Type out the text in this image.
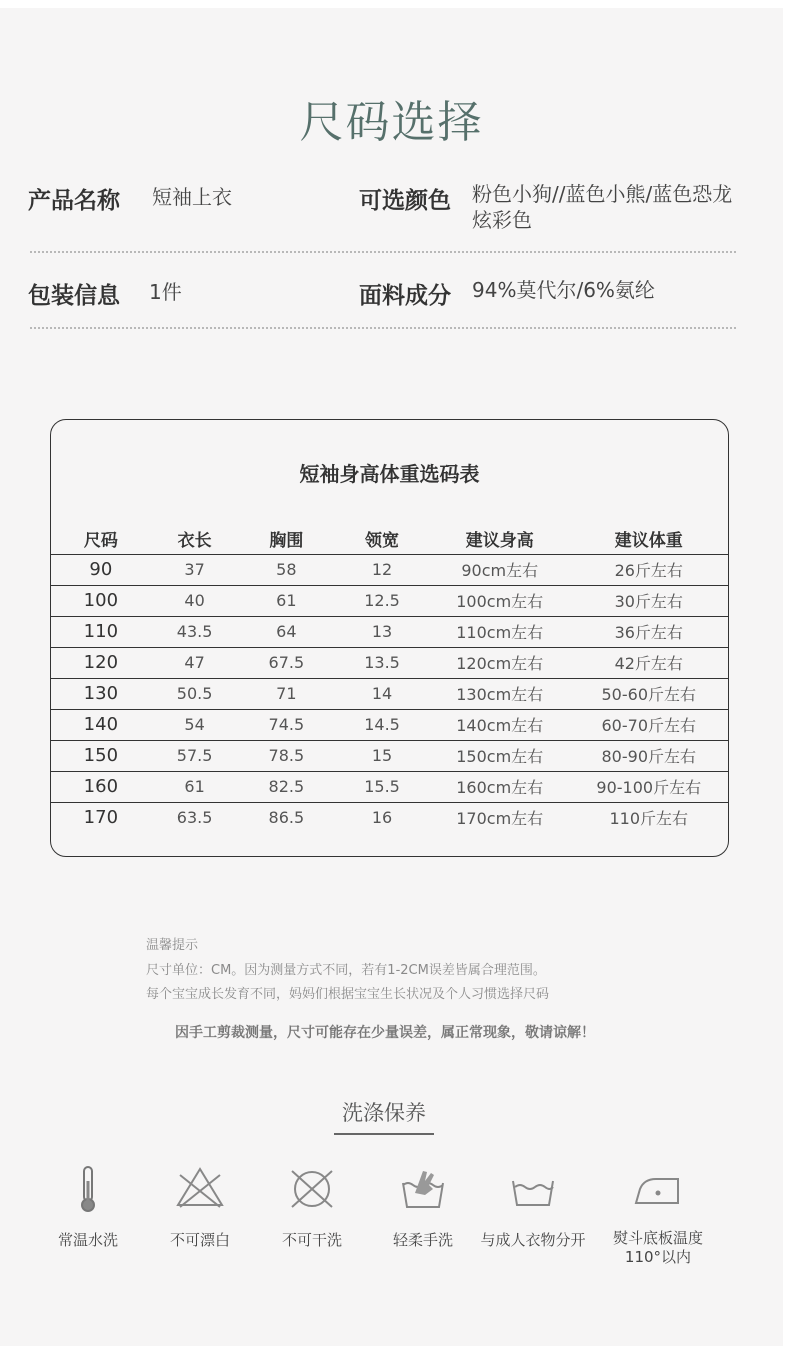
尺码选择
产品名称 短袖上衣	可选颜色 粉色小狗//蓝色小熊/蓝色恐龙
炫彩色
包装信息 1件	面料成分 94%莫代尔/6%氨纶
短袖身高体重选码表
尺码	衣长	胸围	领宽	建议身高	建议体重
90	37	58	12	90cm左右	26斤左右
100	40	61	12.5	100cm左右	30斤左右
110	43.5	64	13	110cm左右	36斤左右
120	47	67.5	13.5	120cm左右	42斤左右
130	50.5	71	14	130cm左右	50-60斤左右
140	54	74.5	14.5	140cm左右	60-70斤左右
150	57.5	78.5	15	150cm左右	80-90斤左右
160	61	82.5	15.5	160cm左右	90-100斤左右
170	63.5	86.5	16	170cm左右	110斤左右
温馨提示
尺寸单位：CM。因为测量方式不同，若有1-2CM误差皆属合理范围。
每个宝宝成长发育不同，妈妈们根据宝宝生长状况及个人习惯选择尺码
因手工剪裁测量，尺寸可能存在少量误差，属正常现象，敬请谅解！
洗涤保养
常温水洗	不可漂白	不可干洗	轻柔手洗	与成人衣物分开	熨斗底板温度
110°以内
